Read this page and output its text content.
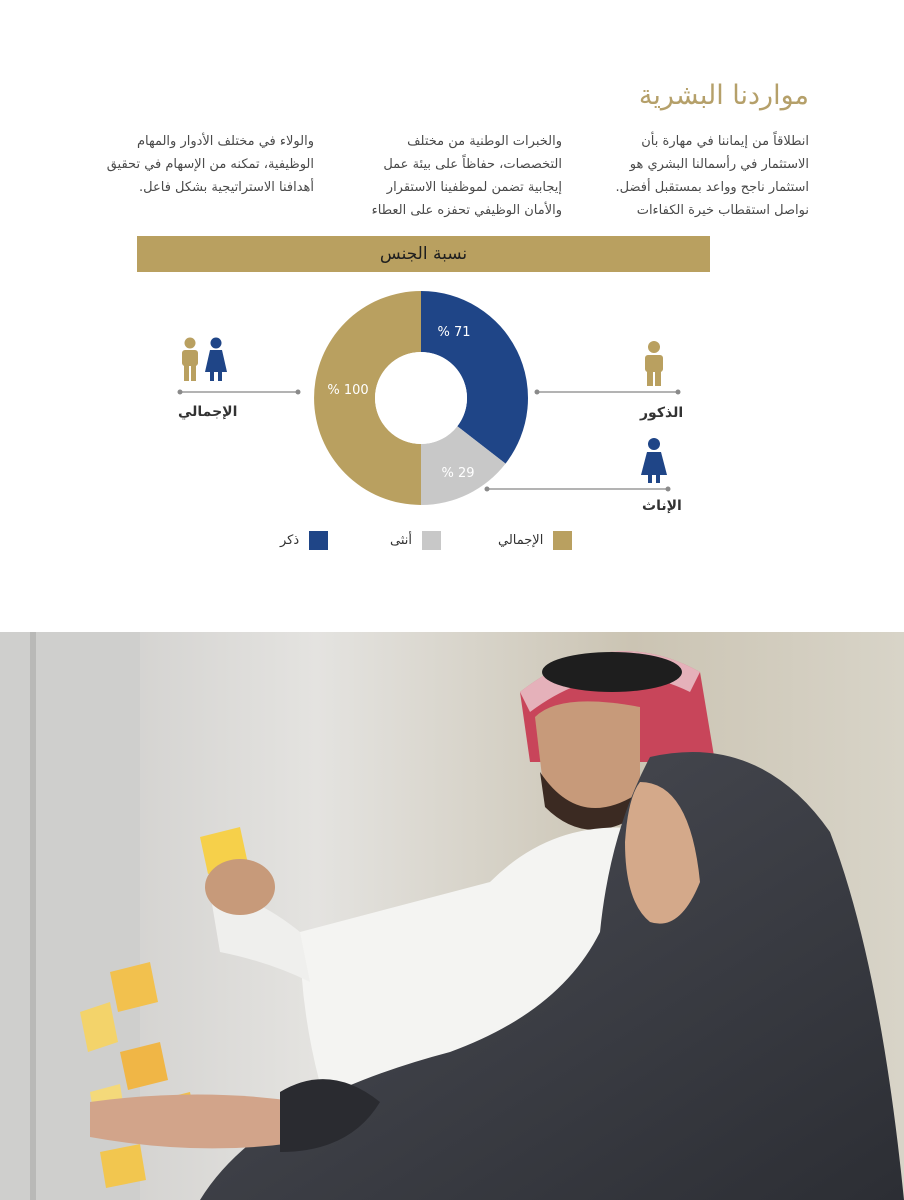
مواردنا البشرية

انطلاقاً من إيماننا في مهارة بأن الاستثمار في رأسمالنا البشري هو استثمار ناجح وواعد بمستقبل أفضل. نواصل استقطاب خيرة الكفاءات

والخبرات الوطنية من مختلف التخصصات، حفاظاً على بيئة عمل إيجابية تضمن لموظفينا الاستقرار والأمان الوظيفي تحفزه على العطاء

والولاء في مختلف الأدوار والمهام الوظيفية، تمكنه من الإسهام في تحقيق أهدافنا الاستراتيجية بشكل فاعل.

نسبة الجنس
% 71
% 29
% 100
الإجمالي	الذكور
الإناث
ذكر	أنثى	الإجمالي
